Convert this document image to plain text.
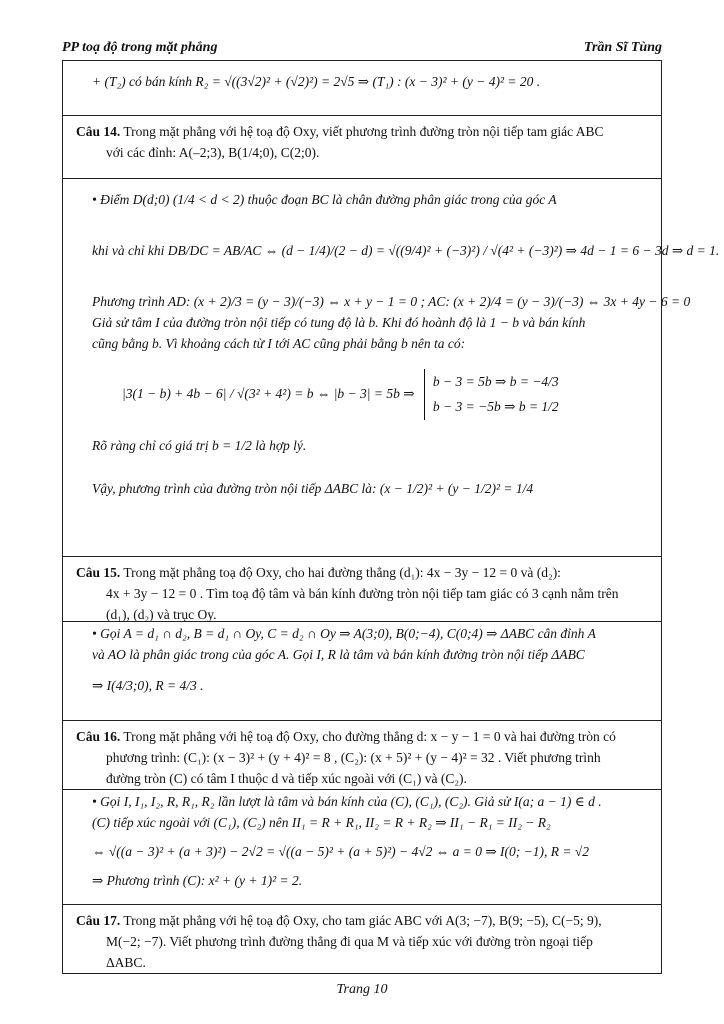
PP toạ độ trong mặt phẳng	Trần Sĩ Tùng
+ (T₂) có bán kính R₂ = √((3√2)² + (√2)²) = 2√5 ⇒ (T₁) : (x − 3)² + (y − 4)² = 20 .
Câu 14. Trong mặt phẳng với hệ toạ độ Oxy, viết phương trình đường tròn nội tiếp tam giác ABC
với các đỉnh: A(–2;3), B(1/4;0), C(2;0).
• Điểm D(d;0) (1/4 < d < 2) thuộc đoạn BC là chân đường phân giác trong của góc A
khi và chỉ khi DB/DC = AB/AC ⇔ (d − 1/4)/(2 − d) = √((9/4)² + (−3)²) / √(4² + (−3)²) ⇒ 4d − 1 = 6 − 3d ⇒ d = 1.
Phương trình AD: (x + 2)/3 = (y − 3)/(−3) ⇔ x + y − 1 = 0 ; AC: (x + 2)/4 = (y − 3)/(−3) ⇔ 3x + 4y − 6 = 0
Giả sử tâm I của đường tròn nội tiếp có tung độ là b. Khi đó hoành độ là 1 − b và bán kính
cũng bằng b. Vì khoảng cách từ I tới AC cũng phải bằng b nên ta có:
|3(1 − b) + 4b − 6| / √(3² + 4²) = b ⇔ |b − 3| = 5b ⇒
b − 3 = 5b ⇒ b = −4/3
b − 3 = −5b ⇒ b = 1/2
Rõ ràng chỉ có giá trị b = 1/2 là hợp lý.
Vậy, phương trình của đường tròn nội tiếp ΔABC là: (x − 1/2)² + (y − 1/2)² = 1/4
Câu 15. Trong mặt phẳng toạ độ Oxy, cho hai đường thẳng (d₁): 4x − 3y − 12 = 0 và (d₂):
4x + 3y − 12 = 0 . Tìm toạ độ tâm và bán kính đường tròn nội tiếp tam giác có 3 cạnh nằm trên
(d₁), (d₂) và trục Oy.
• Gọi A = d₁ ∩ d₂, B = d₁ ∩ Oy, C = d₂ ∩ Oy ⇒ A(3;0), B(0;−4), C(0;4) ⇒ ΔABC cân đỉnh A
và AO là phân giác trong của góc A. Gọi I, R là tâm và bán kính đường tròn nội tiếp ΔABC
⇒ I(4/3;0), R = 4/3 .
Câu 16. Trong mặt phẳng với hệ toạ độ Oxy, cho đường thẳng d: x − y − 1 = 0 và hai đường tròn có
phương trình: (C₁): (x − 3)² + (y + 4)² = 8 , (C₂): (x + 5)² + (y − 4)² = 32 . Viết phương trình
đường tròn (C) có tâm I thuộc d và tiếp xúc ngoài với (C₁) và (C₂).
• Gọi I, I₁, I₂, R, R₁, R₂ lần lượt là tâm và bán kính của (C), (C₁), (C₂). Giả sử I(a; a − 1) ∈ d .
(C) tiếp xúc ngoài với (C₁), (C₂) nên II₁ = R + R₁, II₂ = R + R₂ ⇒ II₁ − R₁ = II₂ − R₂
⇔ √((a − 3)² + (a + 3)²) − 2√2 = √((a − 5)² + (a + 5)²) − 4√2 ⇔ a = 0 ⇒ I(0; −1), R = √2
⇒ Phương trình (C): x² + (y + 1)² = 2.
Câu 17. Trong mặt phẳng với hệ toạ độ Oxy, cho tam giác ABC với A(3; −7), B(9; −5), C(−5; 9),
M(−2; −7). Viết phương trình đường thẳng đi qua M và tiếp xúc với đường tròn ngoại tiếp
ΔABC.
Trang 10
